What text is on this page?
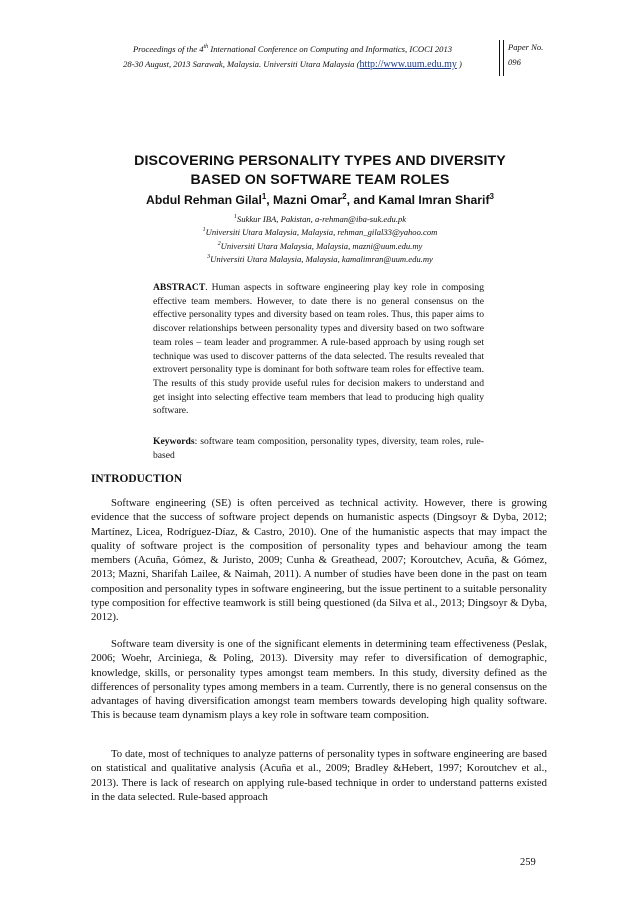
Proceedings of the 4th International Conference on Computing and Informatics, ICOCI 2013
28-30 August, 2013 Sarawak, Malaysia. Universiti Utara Malaysia (http://www.uum.edu.my )
Paper No.
096
DISCOVERING PERSONALITY TYPES AND DIVERSITY
BASED ON SOFTWARE TEAM ROLES
Abdul Rehman Gilal$^1$, Mazni Omar$^2$, and Kamal Imran Sharif$^3$
$^1$Sukkur IBA, Pakistan, a-rehman@iba-suk.edu.pk
$^1$Universiti Utara Malaysia, Malaysia, rehman_gilal33@yahoo.com
$^2$Universiti Utara Malaysia, Malaysia, mazni@uum.edu.my
$^3$Universiti Utara Malaysia, Malaysia, kamalimran@uum.edu.my
ABSTRACT. Human aspects in software engineering play key role in composing effective team members. However, to date there is no general consensus on the effective personality types and diversity based on team roles. Thus, this paper aims to discover relationships between personality types and diversity based on two software team roles – team leader and programmer. A rule-based approach by using rough set technique was used to discover patterns of the data selected. The results revealed that extrovert personality type is dominant for both software team roles for effective team. The results of this study provide useful rules for decision makers to understand and get insight into selecting effective team members that lead to producing high quality software.
Keywords: software team composition, personality types, diversity, team roles, rule-based
INTRODUCTION

Software engineering (SE) is often perceived as technical activity. However, there is growing evidence that the success of software project depends on humanistic aspects (Dingsoyr & Dyba, 2012; Martínez, Licea, Rodríguez-Díaz, & Castro, 2010). One of the humanistic aspects that may impact the quality of software project is the composition of personality types and behaviour among the team members (Acuña, Gómez, & Juristo, 2009; Cunha & Greathead, 2007; Koroutchev, Acuña, & Gómez, 2013; Mazni, Sharifah Lailee, & Naimah, 2011). A number of studies have been done in the past on team composition and personality types in software engineering, but the issue pertinent to a suitable personality type composition for effective teamwork is still being questioned (da Silva et al., 2013; Dingsoyr & Dyba, 2012).

Software team diversity is one of the significant elements in determining team effectiveness (Peslak, 2006; Woehr, Arciniega, & Poling, 2013). Diversity may refer to diversification of demographic, knowledge, skills, or personality types amongst team members. In this study, diversity defined as the differences of personality types among members in a team. Currently, there is no general consensus on the advantages of having diversification amongst team members towards developing high quality software. This is because team dynamism plays a key role in software team composition.

To date, most of techniques to analyze patterns of personality types in software engineering are based on statistical and qualitative analysis (Acuña et al., 2009; Bradley &Hebert, 1997; Koroutchev et al., 2013). There is lack of research on applying rule-based technique in order to understand patterns existed in the data selected. Rule-based approach

259
